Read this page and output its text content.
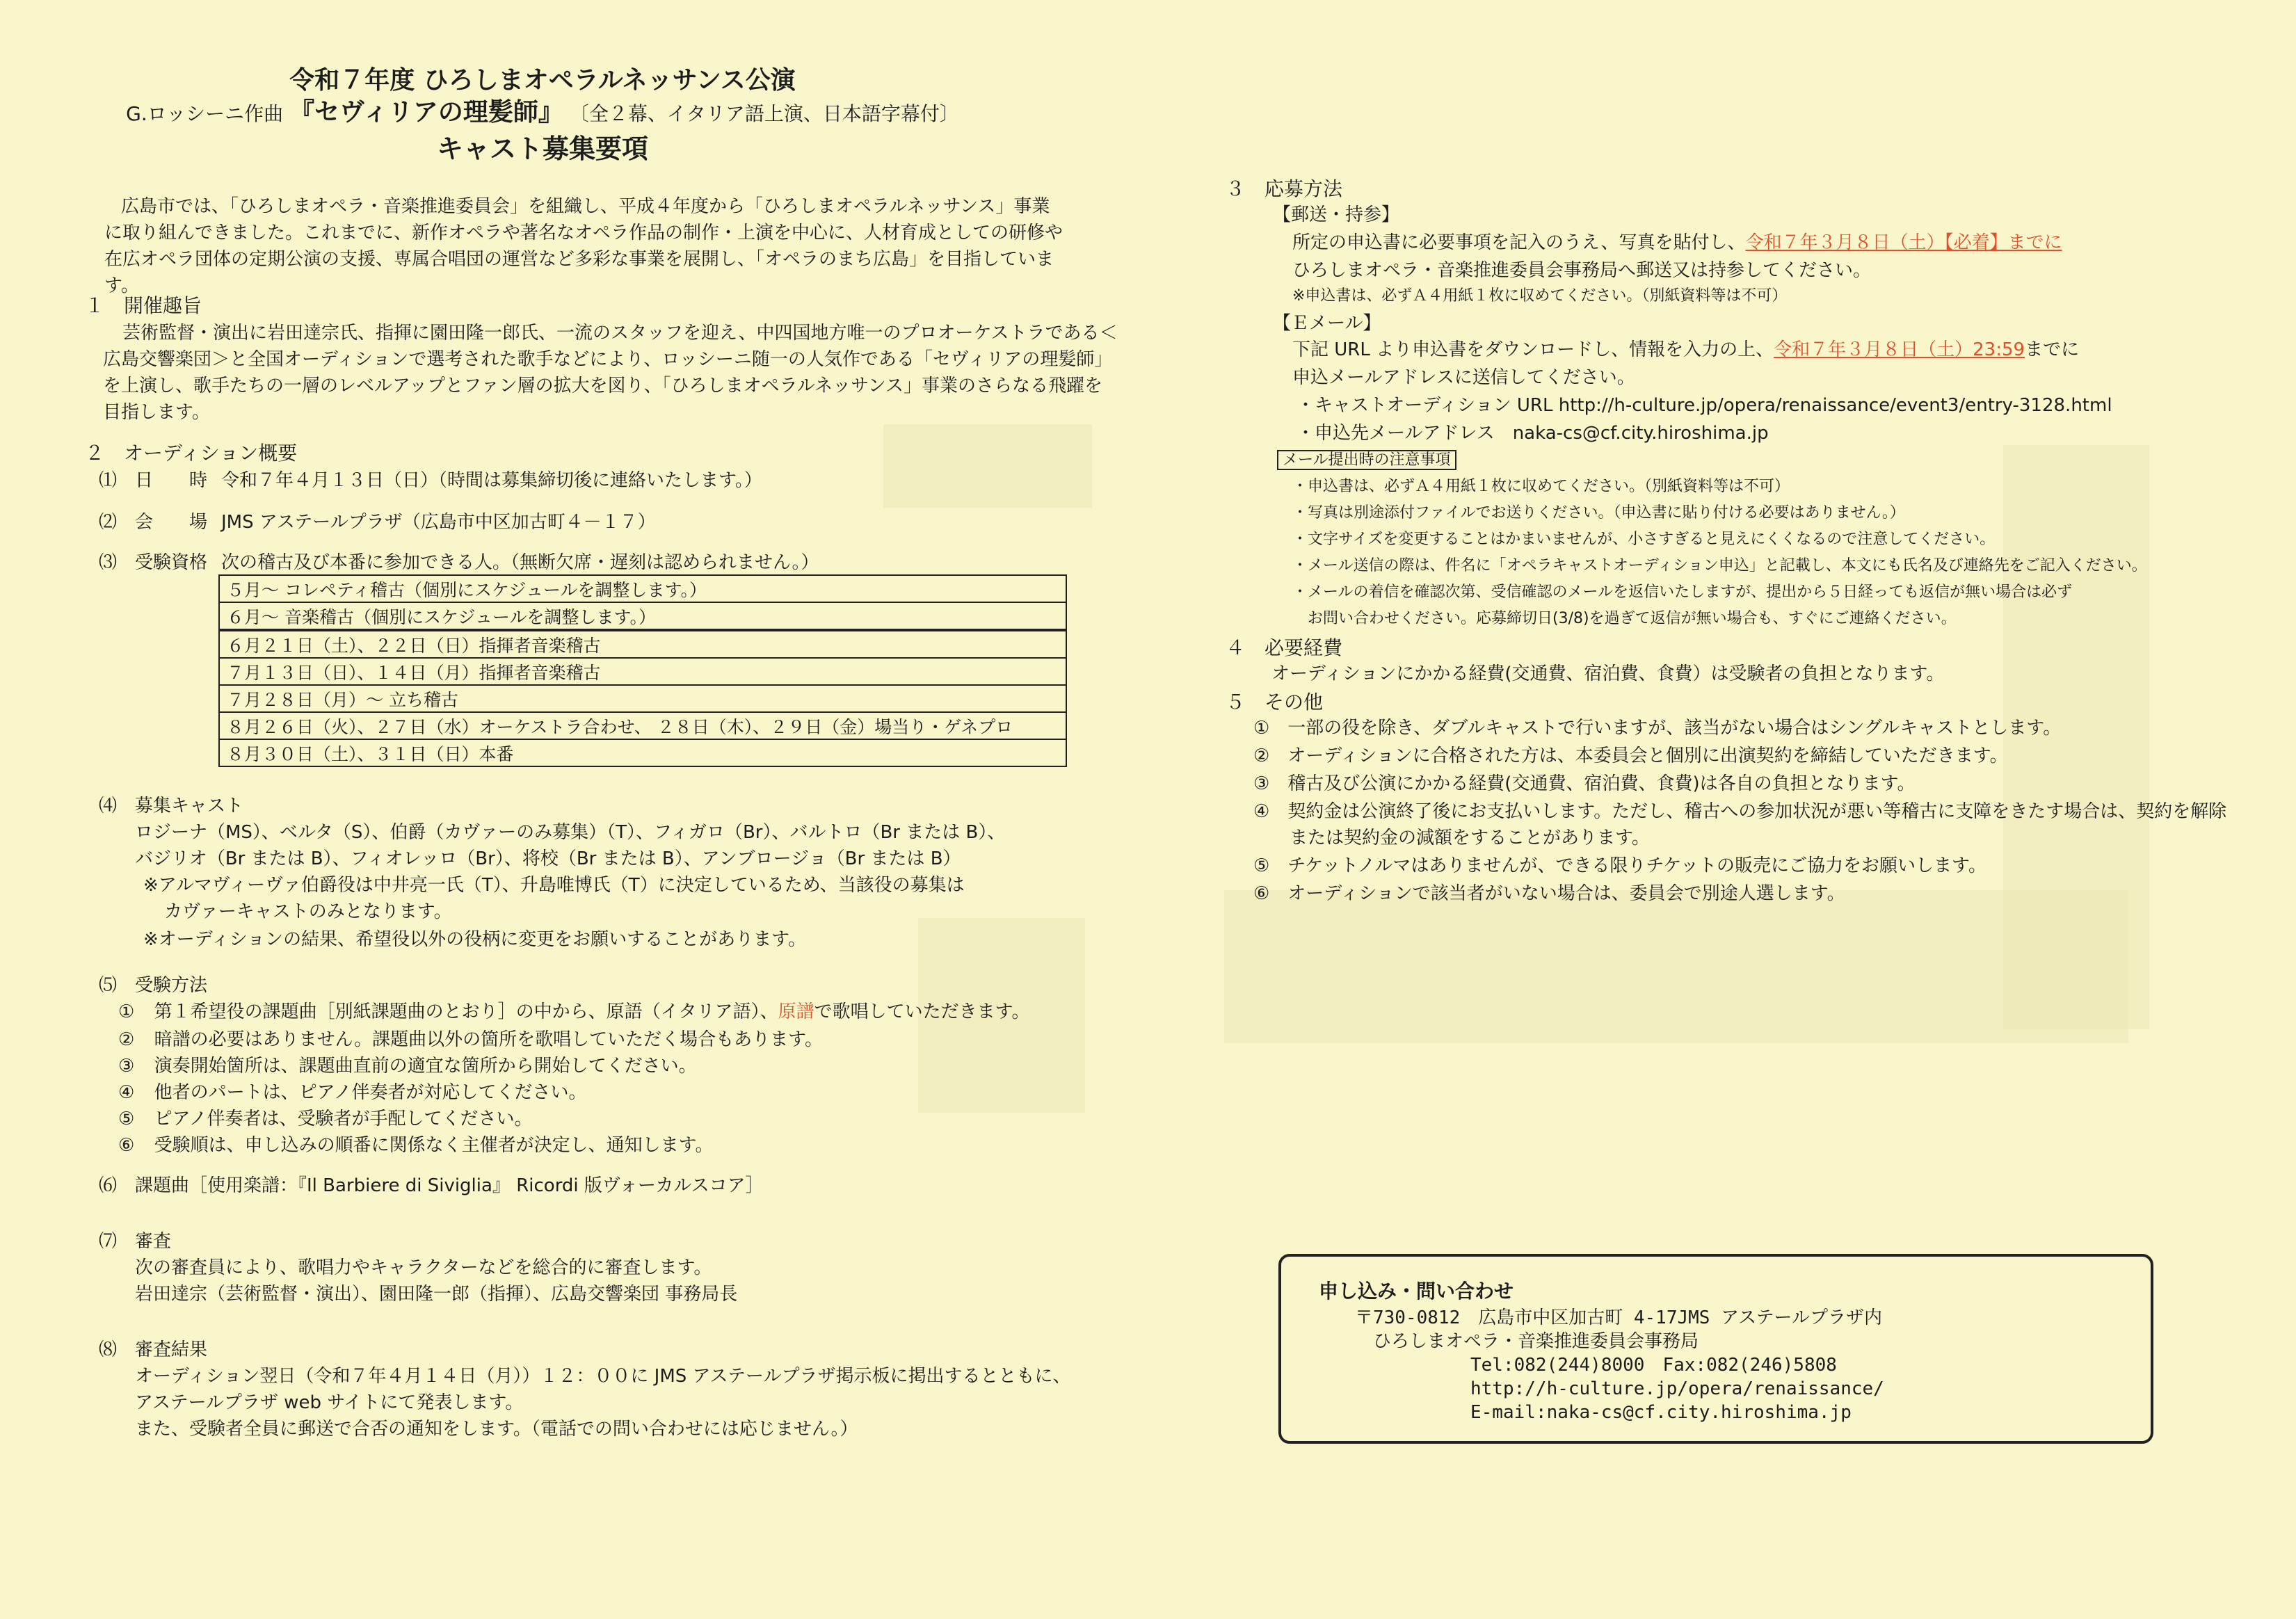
令和７年度 ひろしまオペラルネッサンス公演
G.ロッシーニ作曲 『セヴィリアの理髪師』 〔全２幕、イタリア語上演、日本語字幕付〕
キャスト募集要項
広島市では、「ひろしまオペラ・音楽推進委員会」を組織し、平成４年度から「ひろしまオペラルネッサンス」事業に取り組んできました。これまでに、新作オペラや著名なオペラ作品の制作・上演を中心に、人材育成としての研修や在広オペラ団体の定期公演の支援、専属合唱団の運営など多彩な事業を展開し、「オペラのまち広島」を目指しています。
１　開催趣旨
芸術監督・演出に岩田達宗氏、指揮に園田隆一郎氏、一流のスタッフを迎え、中四国地方唯一のプロオーケストラである＜
広島交響楽団＞と全国オーディションで選考された歌手などにより、ロッシーニ随一の人気作である「セヴィリアの理髪師」
を上演し、歌手たちの一層のレベルアップとファン層の拡大を図り、「ひろしまオペラルネッサンス」事業のさらなる飛躍を
目指します。
２　オーディション概要
⑴　日　　時 令和７年４月１３日（日）（時間は募集締切後に連絡いたします。）
⑵　会　　場 JMS アステールプラザ（広島市中区加古町４－１７）
⑶　受験資格 次の稽古及び本番に参加できる人。（無断欠席・遅刻は認められません。）
５月～ コレペティ稽古（個別にスケジュールを調整します。）
６月～ 音楽稽古（個別にスケジュールを調整します。）
６月２１日（土）、２２日（日）指揮者音楽稽古
７月１３日（日）、１４日（月）指揮者音楽稽古
７月２８日（月）～ 立ち稽古
８月２６日（火）、２７日（水）オーケストラ合わせ、 ２８日（木）、２９日（金）場当り・ゲネプロ
８月３０日（土）、３１日（日）本番
⑷　募集キャスト
ロジーナ（MS）、ベルタ（S）、伯爵（カヴァーのみ募集）（T）、フィガロ（Br）、バルトロ（Br または B）、
バジリオ（Br または B）、フィオレッロ（Br）、将校（Br または B）、アンブロージョ（Br または B）
※アルマヴィーヴァ伯爵役は中井亮一氏（T）、升島唯博氏（T）に決定しているため、当該役の募集は
カヴァーキャストのみとなります。
※オーディションの結果、希望役以外の役柄に変更をお願いすることがあります。
⑸　受験方法
① 第１希望役の課題曲［別紙課題曲のとおり］の中から、原語（イタリア語）、原譜で歌唱していただきます。
② 暗譜の必要はありません。課題曲以外の箇所を歌唱していただく場合もあります。
③ 演奏開始箇所は、課題曲直前の適宜な箇所から開始してください。
④ 他者のパートは、ピアノ伴奏者が対応してください。
⑤ ピアノ伴奏者は、受験者が手配してください。
⑥ 受験順は、申し込みの順番に関係なく主催者が決定し、通知します。
⑹　課題曲［使用楽譜：『Il Barbiere di Siviglia』 Ricordi 版ヴォーカルスコア］
⑺　審査
次の審査員により、歌唱力やキャラクターなどを総合的に審査します。
岩田達宗（芸術監督・演出）、園田隆一郎（指揮）、広島交響楽団 事務局長
⑻　審査結果
オーディション翌日（令和７年４月１４日（月））１２：００に JMS アステールプラザ掲示板に掲出するとともに、
アステールプラザ web サイトにて発表します。
また、受験者全員に郵送で合否の通知をします。（電話での問い合わせには応じません。）
３　応募方法
【郵送・持参】
所定の申込書に必要事項を記入のうえ、写真を貼付し、令和７年３月８日（土）【必着】までに
ひろしまオペラ・音楽推進委員会事務局へ郵送又は持参してください。
※申込書は、必ずＡ４用紙１枚に収めてください。（別紙資料等は不可）
【Ｅメール】
下記 URL より申込書をダウンロードし、情報を入力の上、令和７年３月８日（土）23:59までに
申込メールアドレスに送信してください。
・キャストオーディション URL http://h-culture.jp/opera/renaissance/event3/entry-3128.html
・申込先メールアドレス　naka-cs@cf.city.hiroshima.jp
メール提出時の注意事項
・申込書は、必ずＡ４用紙１枚に収めてください。（別紙資料等は不可）
・写真は別途添付ファイルでお送りください。（申込書に貼り付ける必要はありません。）
・文字サイズを変更することはかまいませんが、小さすぎると見えにくくなるので注意してください。
・メール送信の際は、件名に「オペラキャストオーディション申込」と記載し、本文にも氏名及び連絡先をご記入ください。
・メールの着信を確認次第、受信確認のメールを返信いたしますが、提出から５日経っても返信が無い場合は必ず
　お問い合わせください。応募締切日(3/8)を過ぎて返信が無い場合も、すぐにご連絡ください。
４　必要経費
オーディションにかかる経費(交通費、宿泊費、食費）は受験者の負担となります。
５　その他
①　一部の役を除き、ダブルキャストで行いますが、該当がない場合はシングルキャストとします。
②　オーディションに合格された方は、本委員会と個別に出演契約を締結していただきます。
③　稽古及び公演にかかる経費(交通費、宿泊費、食費)は各自の負担となります。
④　契約金は公演終了後にお支払いします。ただし、稽古への参加状況が悪い等稽古に支障をきたす場合は、契約を解除
　　または契約金の減額をすることがあります。
⑤　チケットノルマはありませんが、できる限りチケットの販売にご協力をお願いします。
⑥　オーディションで該当者がいない場合は、委員会で別途人選します。
申し込み・問い合わせ
〒730-0812　広島市中区加古町 4-17JMS アステールプラザ内
ひろしまオペラ・音楽推進委員会事務局
Tel:082(244)8000　Fax:082(246)5808
http://h-culture.jp/opera/renaissance/
E-mail:naka-cs@cf.city.hiroshima.jp
